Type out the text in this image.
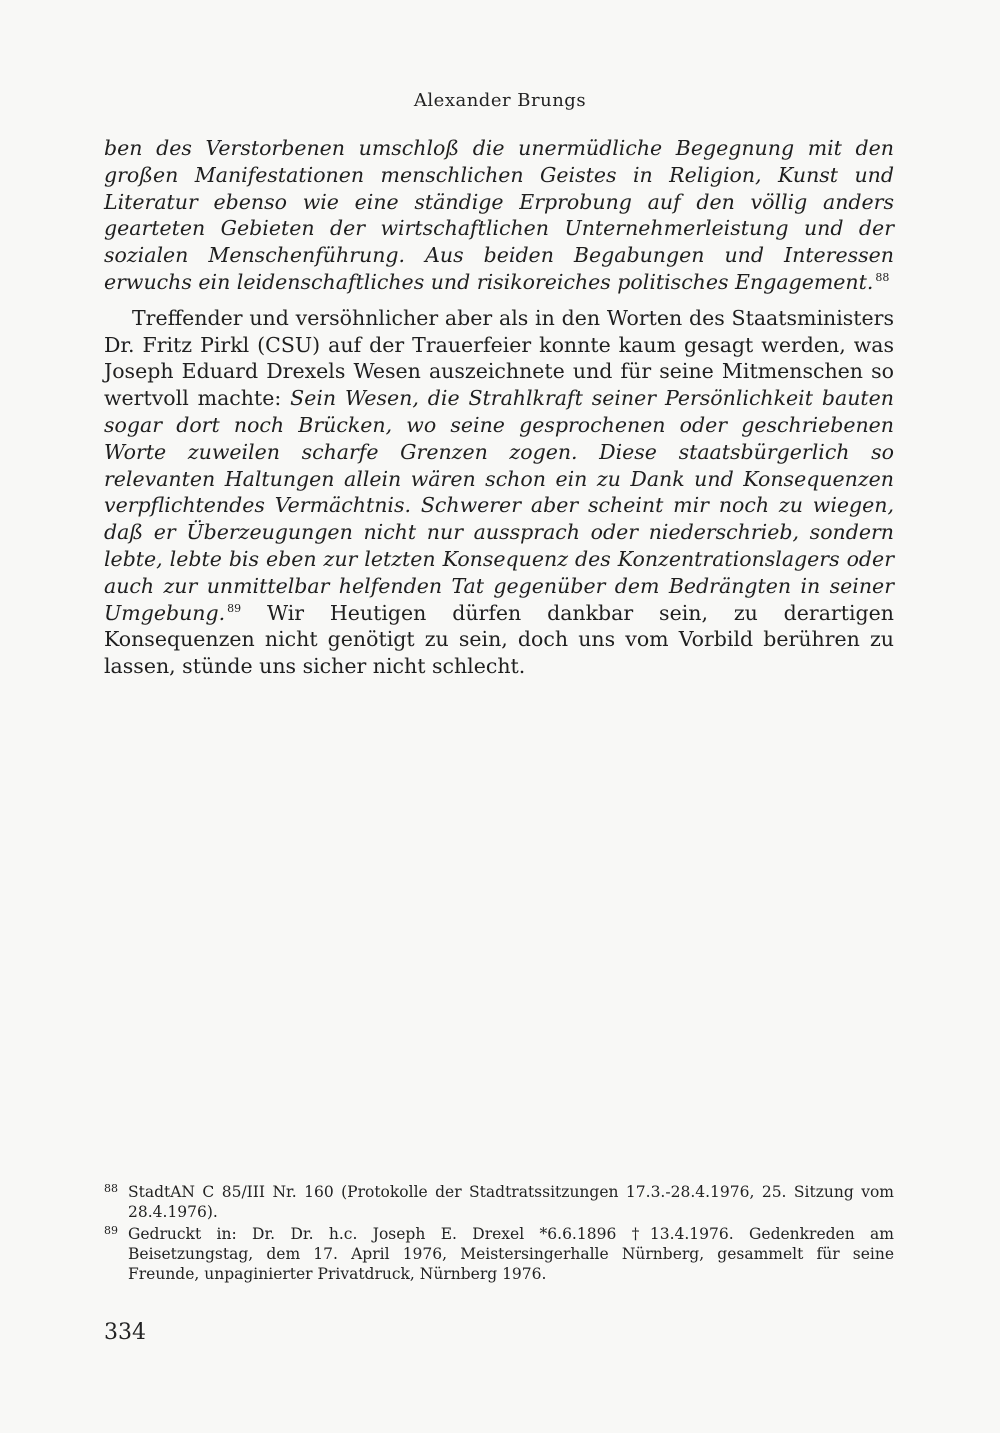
Alexander Brungs

ben des Verstorbenen umschloß die unermüdliche Begegnung mit den großen Manifestationen menschlichen Geistes in Religion, Kunst und Literatur ebenso wie eine ständige Erprobung auf den völlig anders gearteten Gebieten der wirtschaftlichen Unternehmerleistung und der sozialen Menschenführung. Aus beiden Begabungen und Interessen erwuchs ein leidenschaftliches und risikoreiches politisches Engagement. $^{88}$

Treffender und versöhnlicher aber als in den Worten des Staatsministers Dr. Fritz Pirkl (CSU) auf der Trauerfeier konnte kaum gesagt werden, was Joseph Eduard Drexels Wesen auszeichnete und für seine Mitmenschen so wertvoll machte: Sein Wesen, die Strahlkraft seiner Persönlichkeit bauten sogar dort noch Brücken, wo seine gesprochenen oder geschriebenen Worte zuweilen scharfe Grenzen zogen. Diese staatsbürgerlich so relevanten Haltungen allein wären schon ein zu Dank und Konsequenzen verpflichtendes Vermächtnis. Schwerer aber scheint mir noch zu wiegen, daß er Überzeugungen nicht nur aussprach oder niederschrieb, sondern lebte, lebte bis eben zur letzten Konsequenz des Konzentrationslagers oder auch zur unmittelbar helfenden Tat gegenüber dem Bedrängten in seiner Umgebung. $^{89}$ Wir Heutigen dürfen dankbar sein, zu derartigen Konsequenzen nicht genötigt zu sein, doch uns vom Vorbild berühren zu lassen, stünde uns sicher nicht schlecht.

88 StadtAN C 85/III Nr. 160 (Protokolle der Stadtratssitzungen 17.3.-28.4.1976, 25. Sitzung vom 28.4.1976).
89 Gedruckt in: Dr. Dr. h.c. Joseph E. Drexel *6.6.1896 †13.4.1976. Gedenkreden am Beisetzungstag, dem 17. April 1976, Meistersingerhalle Nürnberg, gesammelt für seine Freunde, unpaginierter Privatdruck, Nürnberg 1976.
334
